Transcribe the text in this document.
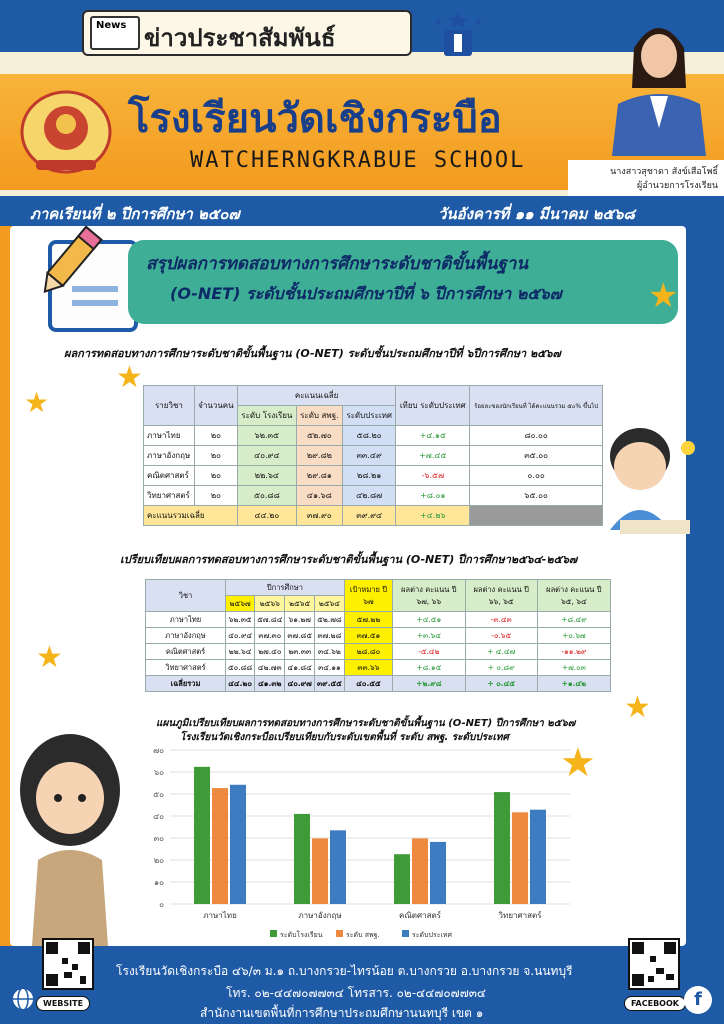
News ข่าวประชาสัมพันธ์
โรงเรียนวัดเชิงกระบือ
WATCHERNGKRABUE SCHOOL	นางสาวสุชาดา สังข์เสือโพธิ์
ผู้อำนวยการโรงเรียน
ภาคเรียนที่ ๒ ปีการศึกษา ๒๕๐๗	วันอังคารที่ ๑๑ มีนาคม ๒๕๖๘
สรุปผลการทดสอบทางการศึกษาระดับชาติขั้นพื้นฐาน
(O-NET) ระดับชั้นประถมศึกษาปีที่ ๖ ปีการศึกษา ๒๕๖๗	★
★
★
★
★
★
ผลการทดสอบทางการศึกษาระดับชาติขั้นพื้นฐาน (O-NET) ระดับชั้นประถมศึกษาปีที่ ๖ปีการศึกษา ๒๕๖๗
รายวิชา	จำนวนคน	คะแนนเฉลี่ย			เทียบ ระดับประเทศ	ร้อยละของนักเรียนที่ ได้คะแนนรวม ๕๐% ขึ้นไป
		ระดับ โรงเรียน	ระดับ สพฐ.	ระดับประเทศ		
ภาษาไทย	๒๐	๖๒.๓๕	๕๒.๗๐	๕๘.๒๐	+๔.๑๕	๘๐.๐๐
ภาษาอังกฤษ	๒๐	๔๐.๙๔	๒๙.๘๒	๓๓.๔๙	+๗.๔๕	๓๕.๐๐
คณิตศาสตร์	๒๐	๒๒.๖๔	๒๙.๘๑	๒๘.๒๑	-๖.๕๗	๐.๐๐
วิทยาศาสตร์	๒๐	๕๐.๘๘	๔๑.๖๘	๔๒.๘๗	+๘.๐๑	๖๕.๐๐
คะแนนรวมเฉลี่ย		๔๔.๒๐	๓๗.๙๐	๓๙.๙๔	+๔.๒๖	
เปรียบเทียบผลการทดสอบทางการศึกษาระดับชาติขั้นพื้นฐาน (O-NET) ปีการศึกษา๒๕๖๔-๒๕๖๗
วิชา	ปีการศึกษา				เป้าหมาย ปี ๖๗	ผลต่าง คะแนน ปี ๖๗, ๖๖	ผลต่าง คะแนน ปี ๖๖, ๖๕	ผลต่าง คะแนน ปี ๖๕, ๖๔
	๒๕๖๗	๒๕๖๖	๒๕๖๕	๒๕๖๔				
ภาษาไทย	๖๒.๓๕	๕๗.๘๔	๖๑.๒๗	๕๒.๗๘	๕๗.๒๒	+๔.๕๑	-๓.๔๓	+๘.๔๙
ภาษาอังกฤษ	๔๐.๙๔	๓๗.๓๐	๓๗.๘๕	๓๗.๒๘	๓๗.๕๑	+๓.๖๔	-๐.๖๕	+๐.๖๗
คณิตศาสตร์	๒๒.๖๔	๒๗.๔๐	๒๓.๓๓	๓๔.๖๒	๒๘.๘๐	-๕.๔๒	+ ๔.๔๗	-๑๑.๒๙
วิทยาศาสตร์	๕๐.๘๘	๔๒.๗๓	๔๑.๘๔	๓๔.๑๑	๓๓.๖๖	+๘.๑๕	+ ๐.๘๙	+๗.๐๓
เฉลี่ยรวม	๔๔.๒๐	๔๑.๓๒	๔๐.๙๗	๓๙.๕๕	๔๐.๕๕	+๒.๙๘	+ ๐.๔๕	+๑.๔๒
แผนภูมิเปรียบเทียบผลการทดสอบทางการศึกษาระดับชาติขั้นพื้นฐาน (O-NET) ปีการศึกษา ๒๕๖๗
โรงเรียนวัดเชิงกระบือเปรียบเทียบกับระดับเขตพื้นที่ ระดับ สพฐ. ระดับประเทศ
๗๐
๖๐
๕๐
๔๐
๓๐
๒๐
๑๐
๐
ภาษาไทย	ภาษาอังกฤษ	คณิตศาสตร์	วิทยาศาสตร์
ระดับโรงเรียน	ระดับ สพฐ.	ระดับประเทศ
WEBSITE	FACEBOOK f
โรงเรียนวัดเชิงกระบือ ๔๖/๓ ม.๑ ถ.บางกรวย-ไทรน้อย ต.บางกรวย อ.บางกรวย จ.นนทบุรี
โทร. ๐๒-๔๔๗๐๗๗๓๔ โทรสาร. ๐๒-๔๔๗๐๗๗๓๔
สำนักงานเขตพื้นที่การศึกษาประถมศึกษานนทบุรี เขต ๑
